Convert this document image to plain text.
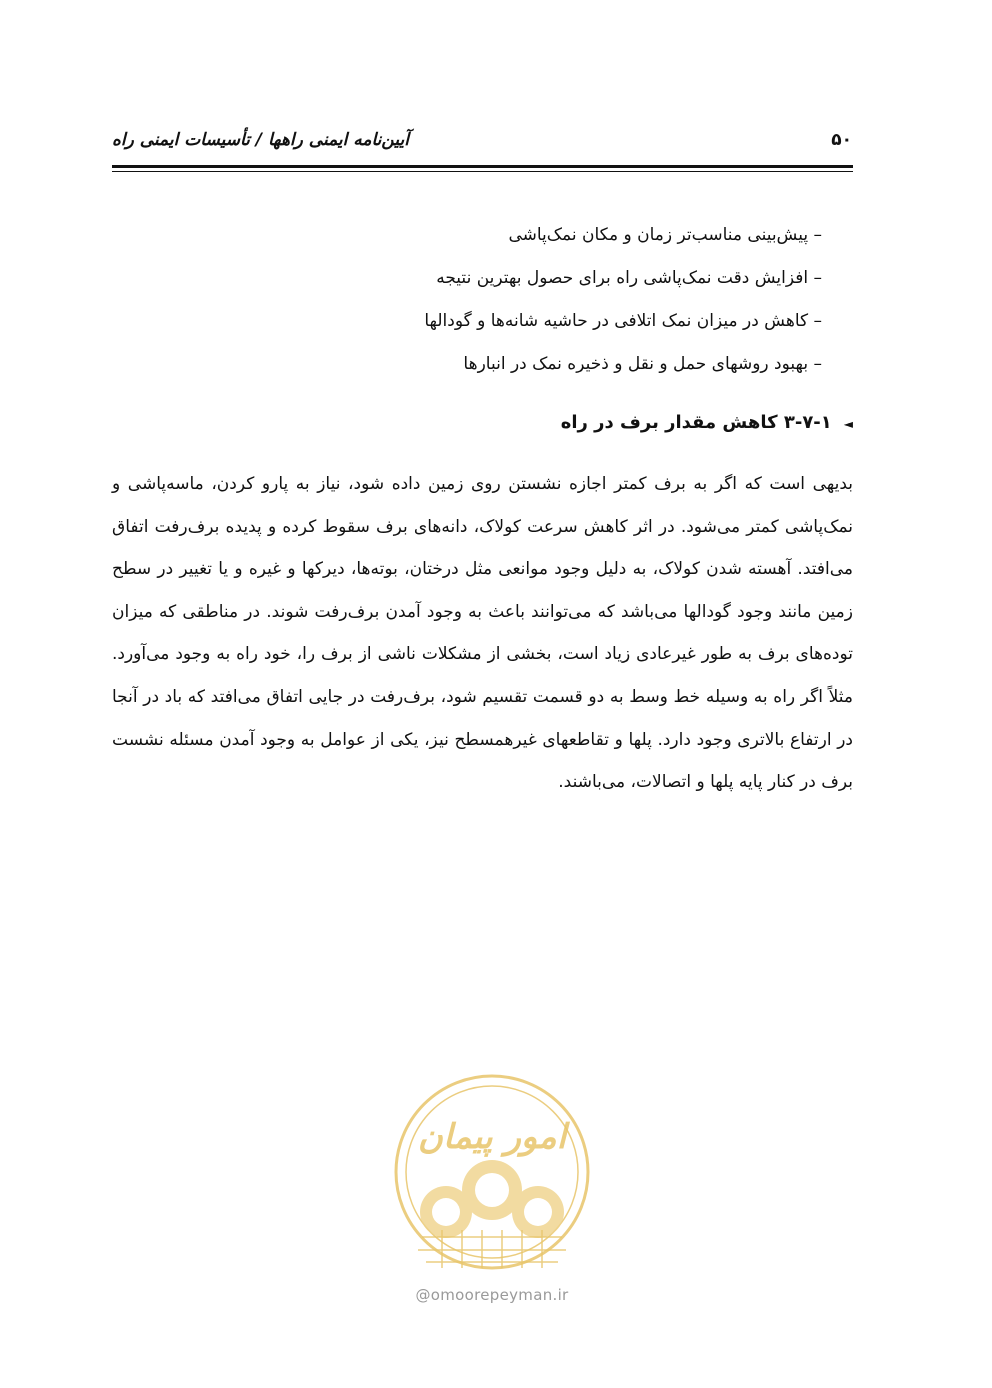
آیین‌نامه ایمنی راهها / تأسیسات ایمنی راه	۵۰
– پیش‌بینی مناسب‌تر زمان و مکان نمک‌پاشی
– افزایش دقت نمک‌پاشی راه برای حصول بهترین نتیجه
– کاهش در میزان نمک اتلافی در حاشیه شانه‌ها و گودالها
– بهبود روشهای حمل و نقل و ذخیره نمک در انبارها
◄۳-۷-۱ کاهش مقدار برف در راه

بدیهی است که اگر به برف کمتر اجازه نشستن روی زمین داده شود، نیاز به پارو کردن، ماسه‌پاشی و نمک‌پاشی کمتر می‌شود. در اثر کاهش سرعت کولاک، دانه‌های برف سقوط کرده و پدیده برف‌رفت اتفاق می‌افتد. آهسته شدن کولاک، به دلیل وجود موانعی مثل درختان، بوته‌ها، دیرکها و غیره و یا تغییر در سطح زمین مانند وجود گودالها می‌باشد که می‌توانند باعث به وجود آمدن برف‌رفت شوند. در مناطقی که میزان توده‌های برف به طور غیرعادی زیاد است، بخشی از مشکلات ناشی از برف را، خود راه به وجود می‌آورد. مثلاً اگر راه به وسیله خط وسط به دو قسمت تقسیم شود، برف‌رفت در جایی اتفاق می‌افتد که باد در آنجا در ارتفاع بالاتری وجود دارد. پلها و تقاطعهای غیرهمسطح نیز، یکی از عوامل به وجود آمدن مسئله نشست برف در کنار پایه پلها و اتصالات، می‌باشند.

امور پیمان
@omoorepeyman.ir
